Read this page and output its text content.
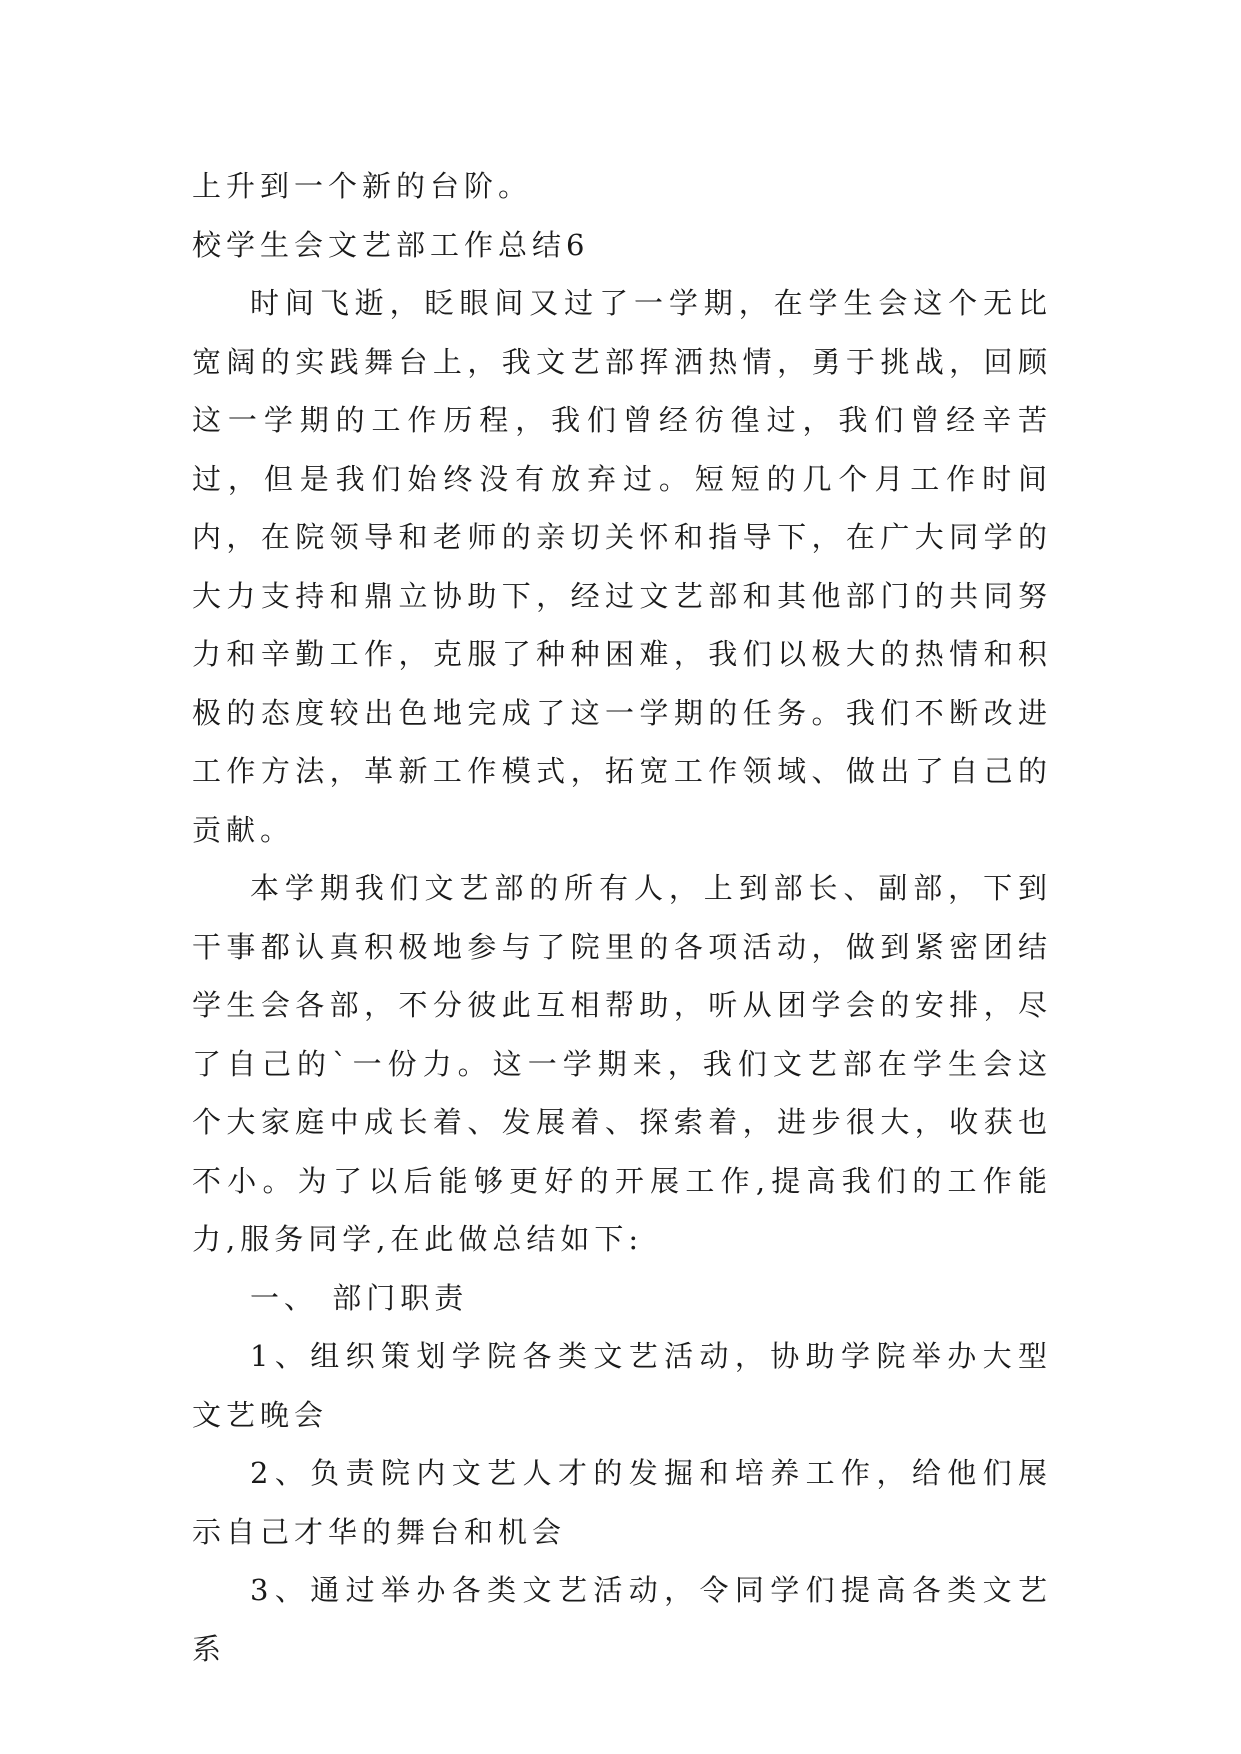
上升到一个新的台阶。

校学生会文艺部工作总结6

时间飞逝，眨眼间又过了一学期，在学生会这个无比宽阔的实践舞台上，我文艺部挥洒热情，勇于挑战，回顾这一学期的工作历程，我们曾经彷徨过，我们曾经辛苦过，但是我们始终没有放弃过。短短的几个月工作时间内，在院领导和老师的亲切关怀和指导下，在广大同学的大力支持和鼎立协助下，经过文艺部和其他部门的共同努力和辛勤工作，克服了种种困难，我们以极大的热情和积极的态度较出色地完成了这一学期的任务。我们不断改进工作方法，革新工作模式，拓宽工作领域、做出了自己的贡献。

本学期我们文艺部的所有人，上到部长、副部，下到干事都认真积极地参与了院里的各项活动，做到紧密团结学生会各部，不分彼此互相帮助，听从团学会的安排，尽了自己的`一份力。这一学期来，我们文艺部在学生会这个大家庭中成长着、发展着、探索着，进步很大，收获也不小。为了以后能够更好的开展工作,提高我们的工作能力,服务同学,在此做总结如下:

一、 部门职责

1、组织策划学院各类文艺活动，协助学院举办大型文艺晚会

2、负责院内文艺人才的发掘和培养工作，给他们展示自己才华的舞台和机会

3、通过举办各类文艺活动，令同学们提高各类文艺系
